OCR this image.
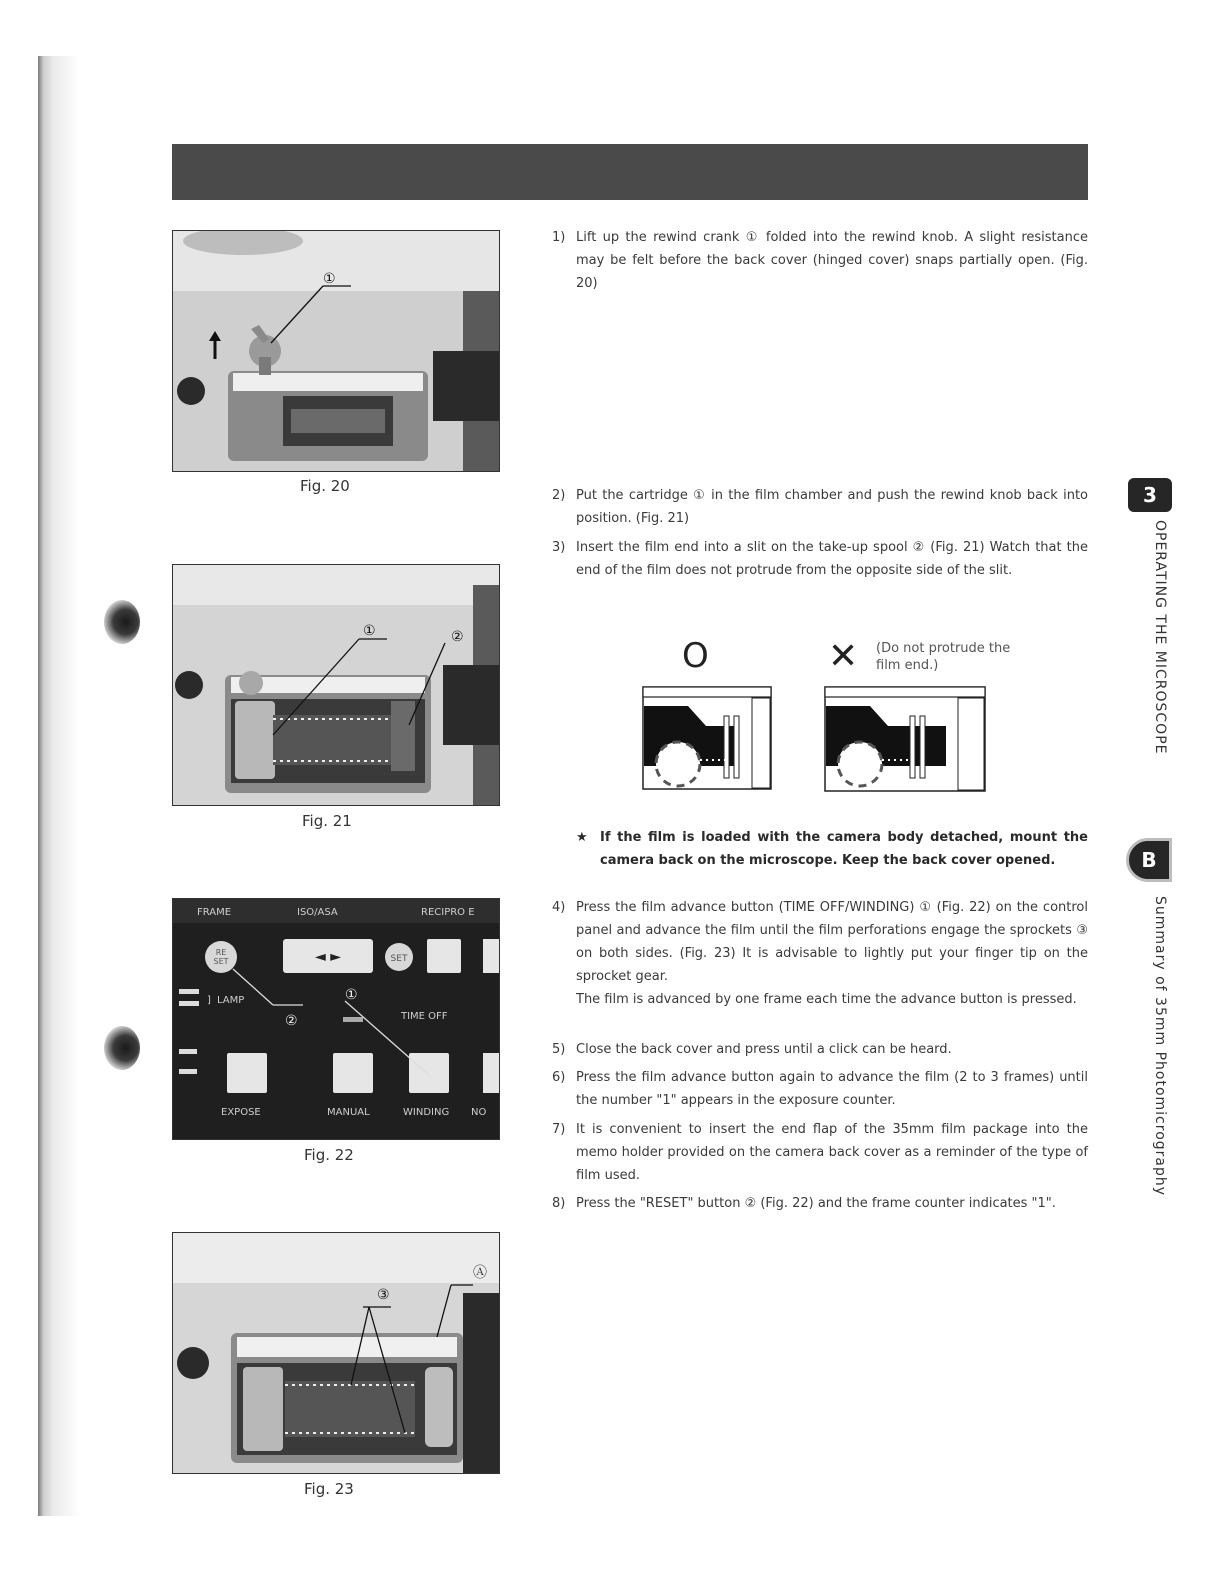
①
Fig. 20
①	②
Fig. 21
FRAME	ISO/ASA	RECIPRO E
RE
SET	◄ ►	SET
] LAMP
TIME OFF
EXPOSE	MANUAL	WINDING NO
②
①
Fig. 22
③
Ⓐ
Fig. 23
1) Lift up the rewind crank ① folded into the rewind knob. A slight resistance may be felt before the back cover (hinged cover) snaps partially open. (Fig. 20)
2) Put the cartridge ① in the film chamber and push the rewind knob back into position. (Fig. 21)
3) Insert the film end into a slit on the take-up spool ② (Fig. 21) Watch that the end of the film does not protrude from the opposite side of the slit.
O	✕ (Do not protrude the film end.)
★ If the film is loaded with the camera body detached, mount the camera back on the microscope. Keep the back cover opened.
4) Press the film advance button (TIME OFF/WINDING) ① (Fig. 22) on the control panel and advance the film until the film perforations engage the sprockets ③ on both sides. (Fig. 23) It is advisable to lightly put your finger tip on the sprocket gear.
The film is advanced by one frame each time the advance button is pressed.
5) Close the back cover and press until a click can be heard.
6) Press the film advance button again to advance the film (2 to 3 frames) until the number "1" appears in the exposure counter.
7) It is convenient to insert the end flap of the 35mm film package into the memo holder provided on the camera back cover as a reminder of the type of film used.
8) Press the "RESET" button ② (Fig. 22) and the frame counter indicates "1".
3
OPERATING THE MICROSCOPE
B
Summary of 35mm Photomicrography
